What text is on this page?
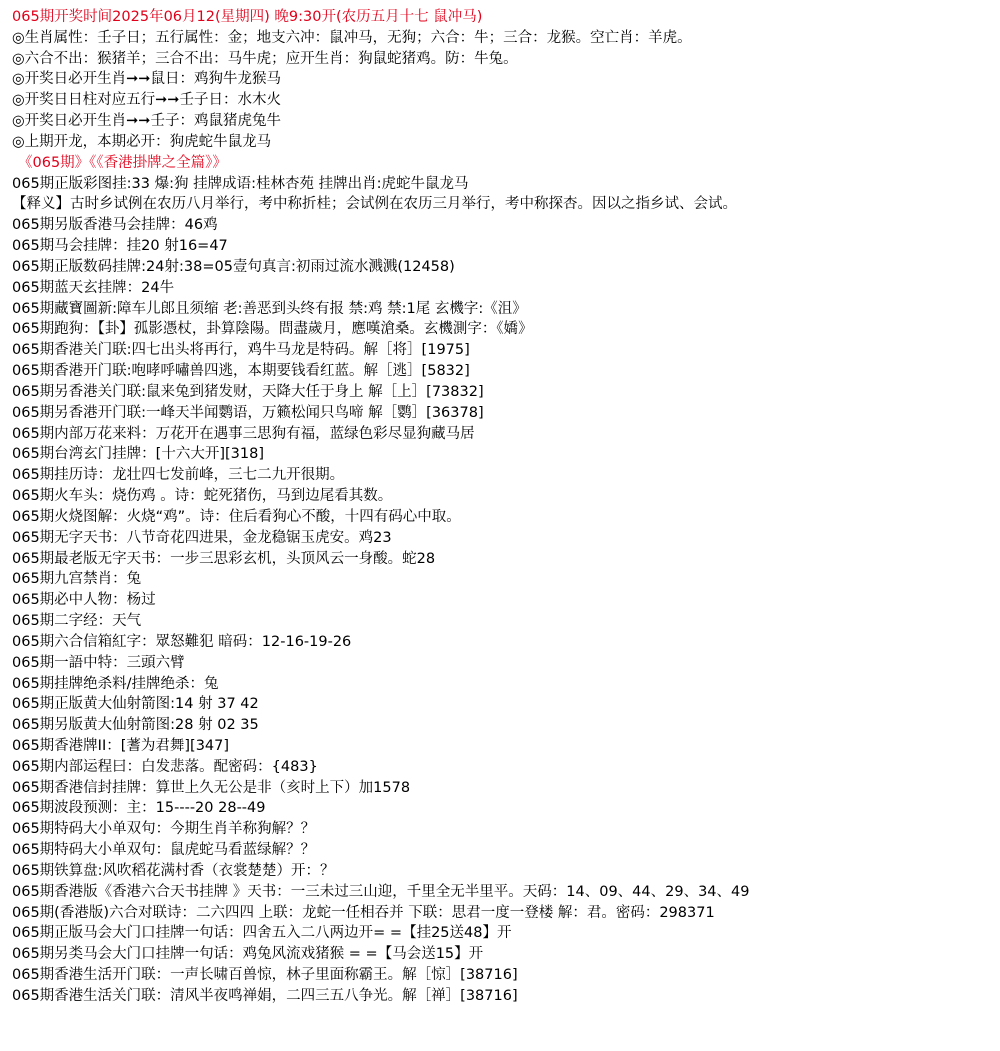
065期开奖时间2025年06月12(星期四) 晚9:30开(农历五月十七 鼠冲马)
◎生肖属性：壬子日；五行属性：金；地支六冲：鼠冲马，无狗；六合：牛；三合：龙猴。空亡肖：羊虎。
◎六合不出：猴猪羊；三合不出：马牛虎；应开生肖：狗鼠蛇猪鸡。防：牛兔。
◎开奖日必开生肖➞➞鼠日：鸡狗牛龙猴马
◎开奖日日柱对应五行➞➞壬子日：水木火
◎开奖日必开生肖➞➞壬子：鸡鼠猪虎兔牛
◎上期开龙，本期必开：狗虎蛇牛鼠龙马
《065期》《《香港掛牌之全篇》》
065期正版彩图挂:33 爆:狗 挂牌成语:桂林杏苑 挂牌出肖:虎蛇牛鼠龙马
【释义】古时乡试例在农历八月举行，考中称折桂；会试例在农历三月举行，考中称探杏。因以之指乡试、会试。
065期另版香港马会挂牌：46鸡
065期马会挂牌：挂20 射16=47
065期正版数码挂牌:24射:38=05壹句真言:初雨过流水溅溅(12458)
065期蓝天玄挂牌：24牛
065期藏寶圖新:障车儿郎且须缩 老:善恶到头终有报 禁:鸡 禁:1尾 玄機字:《沮》
065期跑狗：【卦】孤影憑杖，卦算陰陽。問盡歲月，應嘆滄桑。玄機測字：《嬌》
065期香港关门联:四七出头将再行，鸡牛马龙是特码。解［将］[1975]
065期香港开门联:咆哮呼嘯兽四逃，本期要钱看红蓝。解［逃］[5832]
065期另香港关门联:鼠来兔到猪发财，天降大任于身上 解［上］[73832]
065期另香港开门联:一峰天半闻鹦语，万籁松闻只鸟啼 解［鹦］[36378]
065期内部万花来料：万花开在遇事三思狗有福，蓝绿色彩尽显狗藏马居
065期台湾玄门挂牌：[十六大开][318]
065期挂历诗：龙壮四七发前峰，三七二九开很期。
065期火车头：烧伤鸡 。诗：蛇死猪伤，马到边尾看其数。
065期火烧图解：火烧“鸡”。诗：住后看狗心不酸，十四有码心中取。
065期无字天书：八节奇花四进果，金龙稳锯玉虎安。鸡23
065期最老版无字天书：一步三思彩玄机，头顶风云一身酸。蛇28
065期九宫禁肖：兔
065期必中人物：杨过
065期二字经：天气
065期六合信箱紅字：眾怒難犯 暗码：12-16-19-26
065期一語中特：三頭六臂
065期挂牌绝杀料/挂牌绝杀：兔
065期正版黄大仙射箭图:14 射 37 42
065期另版黄大仙射箭图:28 射 02 35
065期香港牌II：[蓍为君舞][347]
065期内部运程曰：白发悲落。配密码：{483}
065期香港信封挂牌：算世上久无公是非（亥时上下）加1578
065期波段预测：主：15----20 28--49
065期特码大小单双句：今期生肖羊称狗解？？
065期特码大小单双句：鼠虎蛇马看蓝绿解？？
065期铁算盘:风吹稻花满村香（衣裳楚楚）开：？
065期香港版《香港六合天书挂牌 》天书：一三未过三山迎，千里全无半里平。天码：14、09、44、29、34、49
065期(香港版)六合对联诗：二六四四 上联：龙蛇一任相吞并 下联：思君一度一登楼 解：君。密码：298371
065期正版马会大门口挂牌一句话：四舍五入二八两边开= =【挂25送48】开
065期另类马会大门口挂牌一句话：鸡兔风流戏猪猴 = =【马会送15】开
065期香港生活开门联：一声长啸百兽惊，林子里面称霸王。解［惊］[38716]
065期香港生活关门联：清风半夜鸣禅娟，二四三五八争光。解［禅］[38716]
